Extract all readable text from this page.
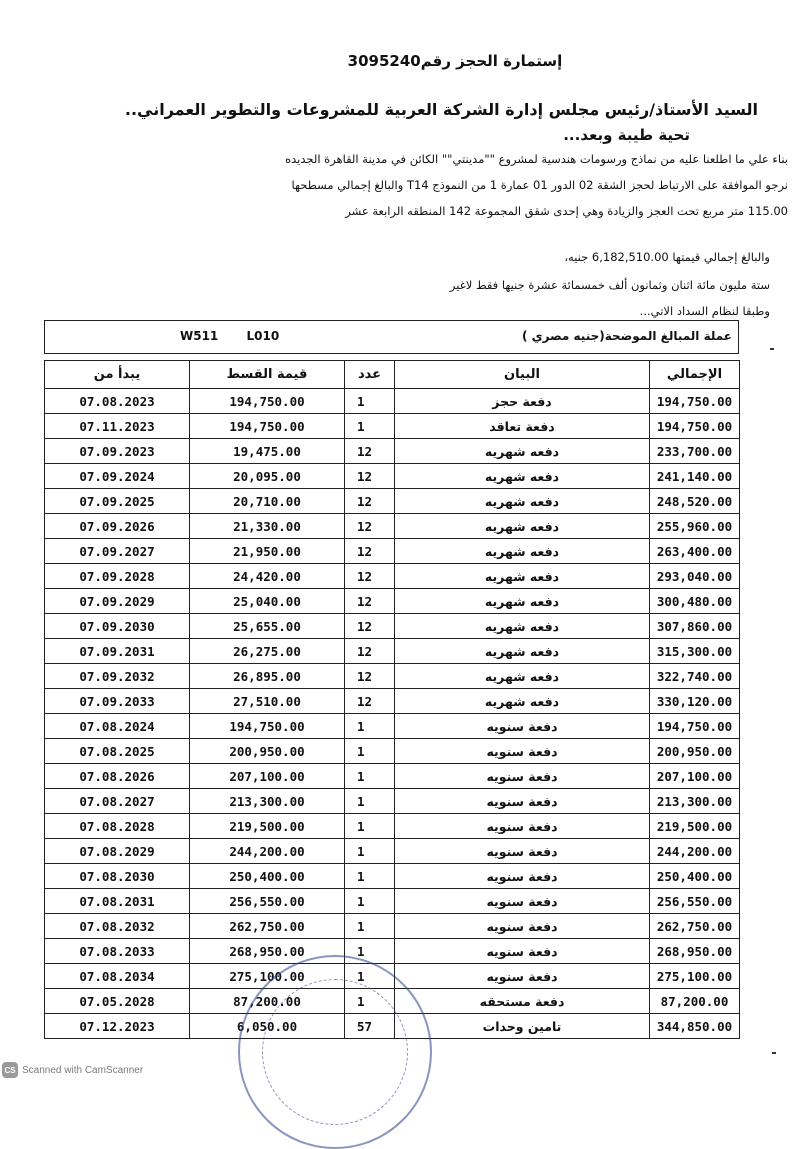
إستمارة الحجز رقم3095240
السيد الأستاذ/رئيس مجلس إدارة الشركة العربية للمشروعات والتطوير العمراني..
تحية طيبة وبعد...
بناء علي ما اطلعنا عليه من نماذج ورسومات هندسية لمشروع ""مدينتي"" الكائن في مدينة القاهرة الجديده
نرجو الموافقة على الارتباط لحجز الشقة 02 الدور 01 عمارة 1 من النموذج T14 والبالغ إجمالي مسطحها
115.00 متر مربع تحت العجز والزيادة وهي إحدى شقق المجموعة 142 المنطقه الرابعة عشر
والبالغ إجمالي قيمتها 6,182,510.00 جنيه،
ستة مليون مائة اثنان وثمانون ألف خمسمائة عشرة جنيها فقط لاغير
وطبقا لنظام السداد الاتي...
عملة المبالغ الموضحة(جنيه مصري )
W511 L010
يبدأ من	قيمة القسط	عدد	البيان	الإجمالي
07.08.2023	194,750.00	1	دفعة حجز	194,750.00
07.11.2023	194,750.00	1	دفعة تعاقد	194,750.00
07.09.2023	19,475.00	12	دفعه شهريه	233,700.00
07.09.2024	20,095.00	12	دفعه شهريه	241,140.00
07.09.2025	20,710.00	12	دفعه شهريه	248,520.00
07.09.2026	21,330.00	12	دفعه شهريه	255,960.00
07.09.2027	21,950.00	12	دفعه شهريه	263,400.00
07.09.2028	24,420.00	12	دفعه شهريه	293,040.00
07.09.2029	25,040.00	12	دفعه شهريه	300,480.00
07.09.2030	25,655.00	12	دفعه شهريه	307,860.00
07.09.2031	26,275.00	12	دفعه شهريه	315,300.00
07.09.2032	26,895.00	12	دفعه شهريه	322,740.00
07.09.2033	27,510.00	12	دفعه شهريه	330,120.00
07.08.2024	194,750.00	1	دفعة سنويه	194,750.00
07.08.2025	200,950.00	1	دفعة سنويه	200,950.00
07.08.2026	207,100.00	1	دفعة سنويه	207,100.00
07.08.2027	213,300.00	1	دفعة سنويه	213,300.00
07.08.2028	219,500.00	1	دفعة سنويه	219,500.00
07.08.2029	244,200.00	1	دفعة سنويه	244,200.00
07.08.2030	250,400.00	1	دفعة سنويه	250,400.00
07.08.2031	256,550.00	1	دفعة سنويه	256,550.00
07.08.2032	262,750.00	1	دفعة سنويه	262,750.00
07.08.2033	268,950.00	1	دفعة سنويه	268,950.00
07.08.2034	275,100.00	1	دفعة سنويه	275,100.00
07.05.2028	87,200.00	1	دفعة مستحقه	87,200.00
07.12.2023	6,050.00	57	تامين وحدات	344,850.00
CS Scanned with CamScanner
